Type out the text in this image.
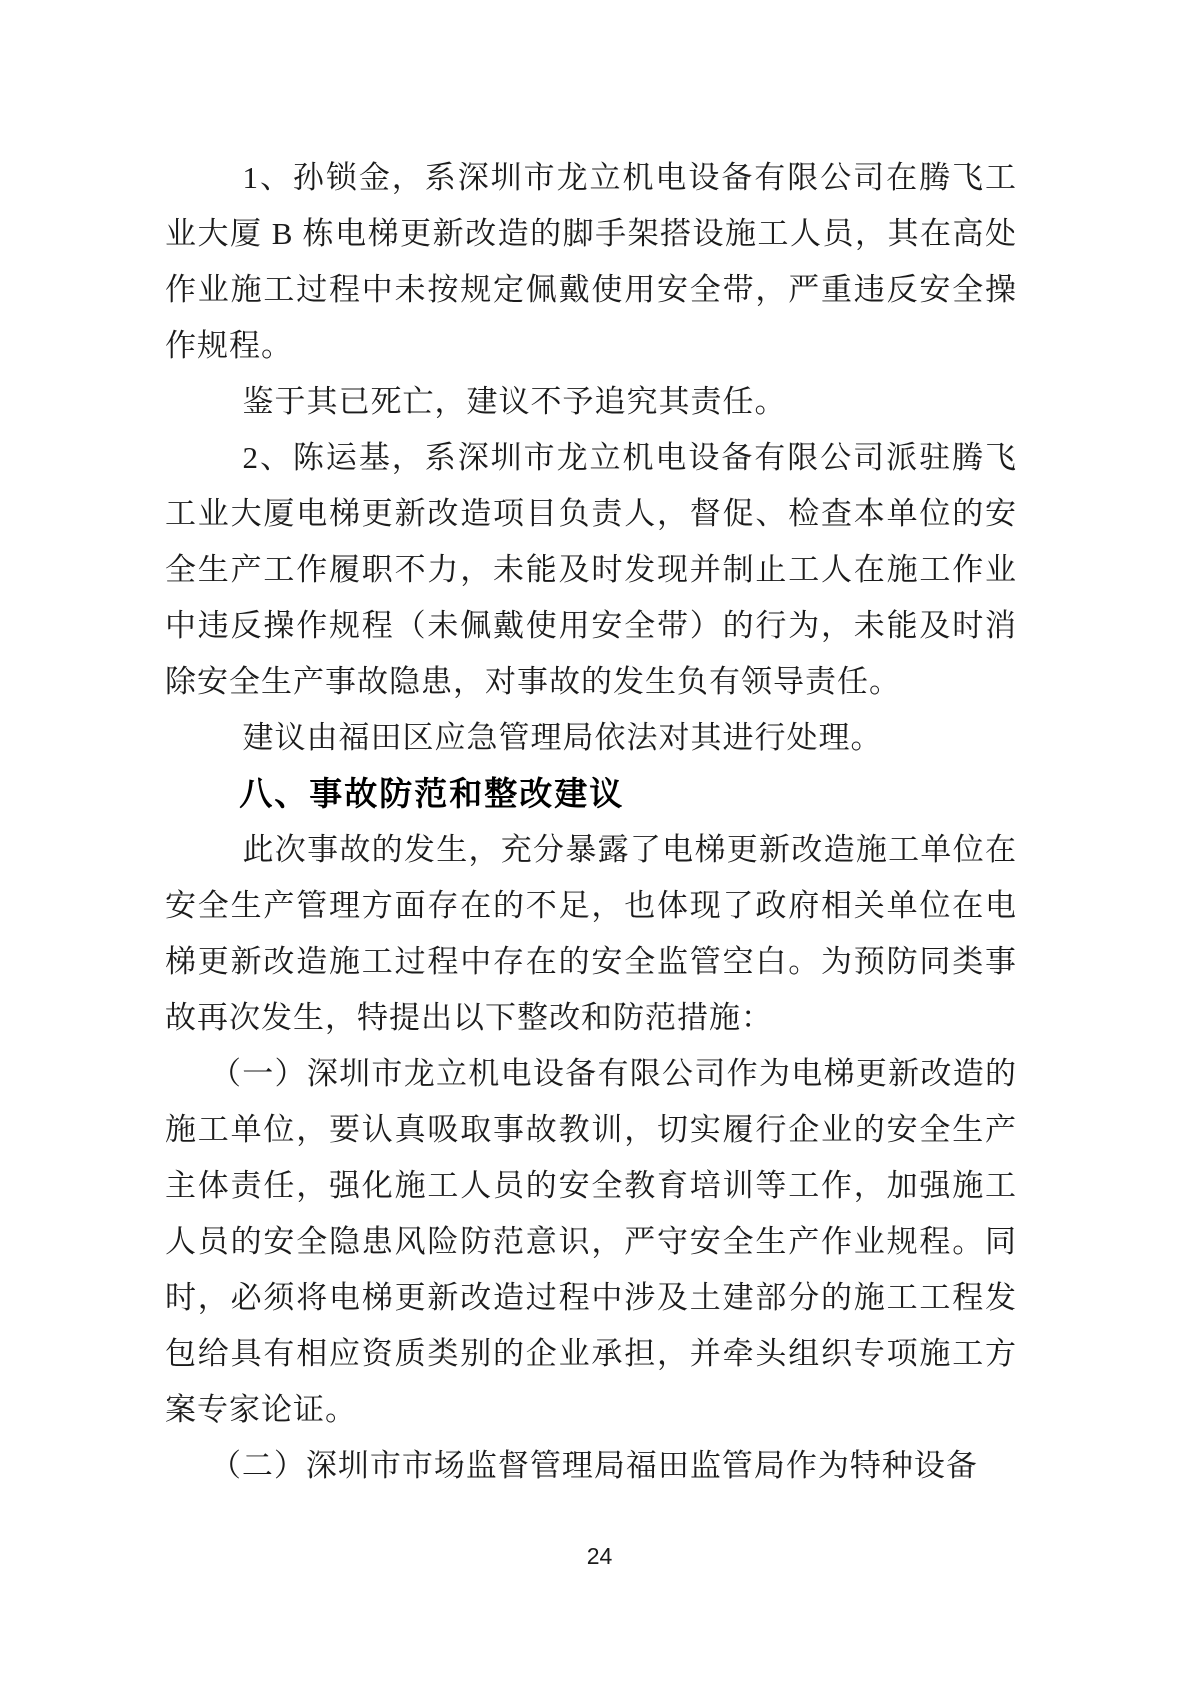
1、孙锁金，系深圳市龙立机电设备有限公司在腾飞工业大厦 B 栋电梯更新改造的脚手架搭设施工人员，其在高处作业施工过程中未按规定佩戴使用安全带，严重违反安全操作规程。

鉴于其已死亡，建议不予追究其责任。

2、陈运基，系深圳市龙立机电设备有限公司派驻腾飞工业大厦电梯更新改造项目负责人，督促、检查本单位的安全生产工作履职不力，未能及时发现并制止工人在施工作业中违反操作规程（未佩戴使用安全带）的行为，未能及时消除安全生产事故隐患，对事故的发生负有领导责任。

建议由福田区应急管理局依法对其进行处理。

八、事故防范和整改建议

此次事故的发生，充分暴露了电梯更新改造施工单位在安全生产管理方面存在的不足，也体现了政府相关单位在电梯更新改造施工过程中存在的安全监管空白。为预防同类事故再次发生，特提出以下整改和防范措施：

（一）深圳市龙立机电设备有限公司作为电梯更新改造的施工单位，要认真吸取事故教训，切实履行企业的安全生产主体责任，强化施工人员的安全教育培训等工作，加强施工人员的安全隐患风险防范意识，严守安全生产作业规程。同时，必须将电梯更新改造过程中涉及土建部分的施工工程发包给具有相应资质类别的企业承担，并牵头组织专项施工方案专家论证。

（二）深圳市市场监督管理局福田监管局作为特种设备

24
